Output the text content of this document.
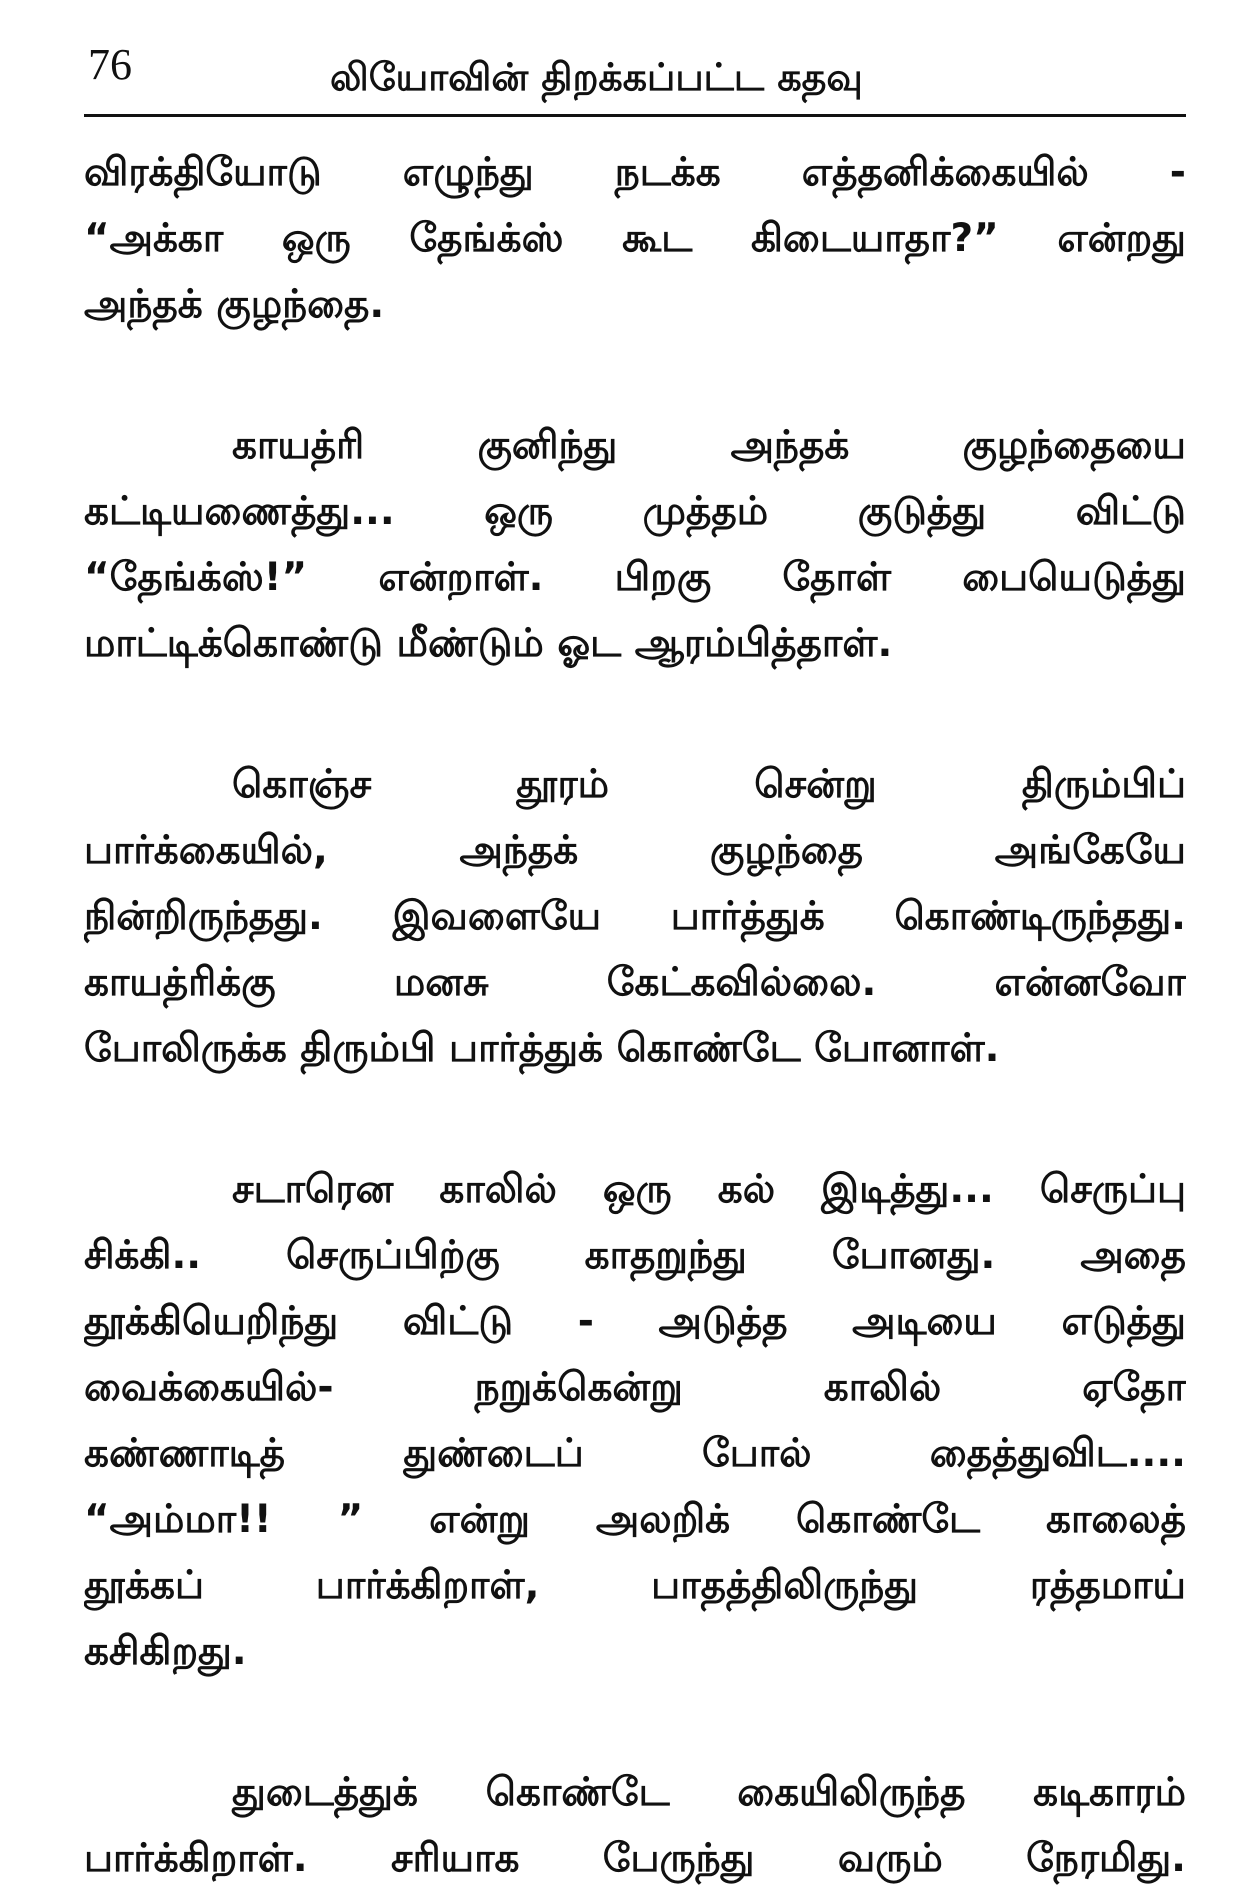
76	லியோவின் திறக்கப்பட்ட கதவு
விரக்தியோடு எழுந்து நடக்க எத்தனிக்கையில் -
“அக்கா ஒரு தேங்க்ஸ் கூட கிடையாதா?” என்றது
அந்தக் குழந்தை.
காயத்ரி குனிந்து அந்தக் குழந்தையை
கட்டியணைத்து... ஒரு முத்தம் குடுத்து விட்டு
“தேங்க்ஸ்!” என்றாள். பிறகு தோள் பையெடுத்து
மாட்டிக்கொண்டு மீண்டும் ஓட ஆரம்பித்தாள்.
கொஞ்ச தூரம் சென்று திரும்பிப்
பார்க்கையில், அந்தக் குழந்தை அங்கேயே
நின்றிருந்தது. இவளையே பார்த்துக் கொண்டிருந்தது.
காயத்ரிக்கு மனசு கேட்கவில்லை. என்னவோ
போலிருக்க திரும்பி பார்த்துக் கொண்டே போனாள்.
சடாரென காலில் ஒரு கல் இடித்து... செருப்பு
சிக்கி.. செருப்பிற்கு காதறுந்து போனது. அதை
தூக்கியெறிந்து விட்டு - அடுத்த அடியை எடுத்து
வைக்கையில்- நறுக்கென்று காலில் ஏதோ
கண்ணாடித் துண்டைப் போல் தைத்துவிட....
“அம்மா!! ” என்று அலறிக் கொண்டே காலைத்
தூக்கப் பார்க்கிறாள், பாதத்திலிருந்து ரத்தமாய்
கசிகிறது.
துடைத்துக் கொண்டே கையிலிருந்த கடிகாரம்
பார்க்கிறாள். சரியாக பேருந்து வரும் நேரமிது.
